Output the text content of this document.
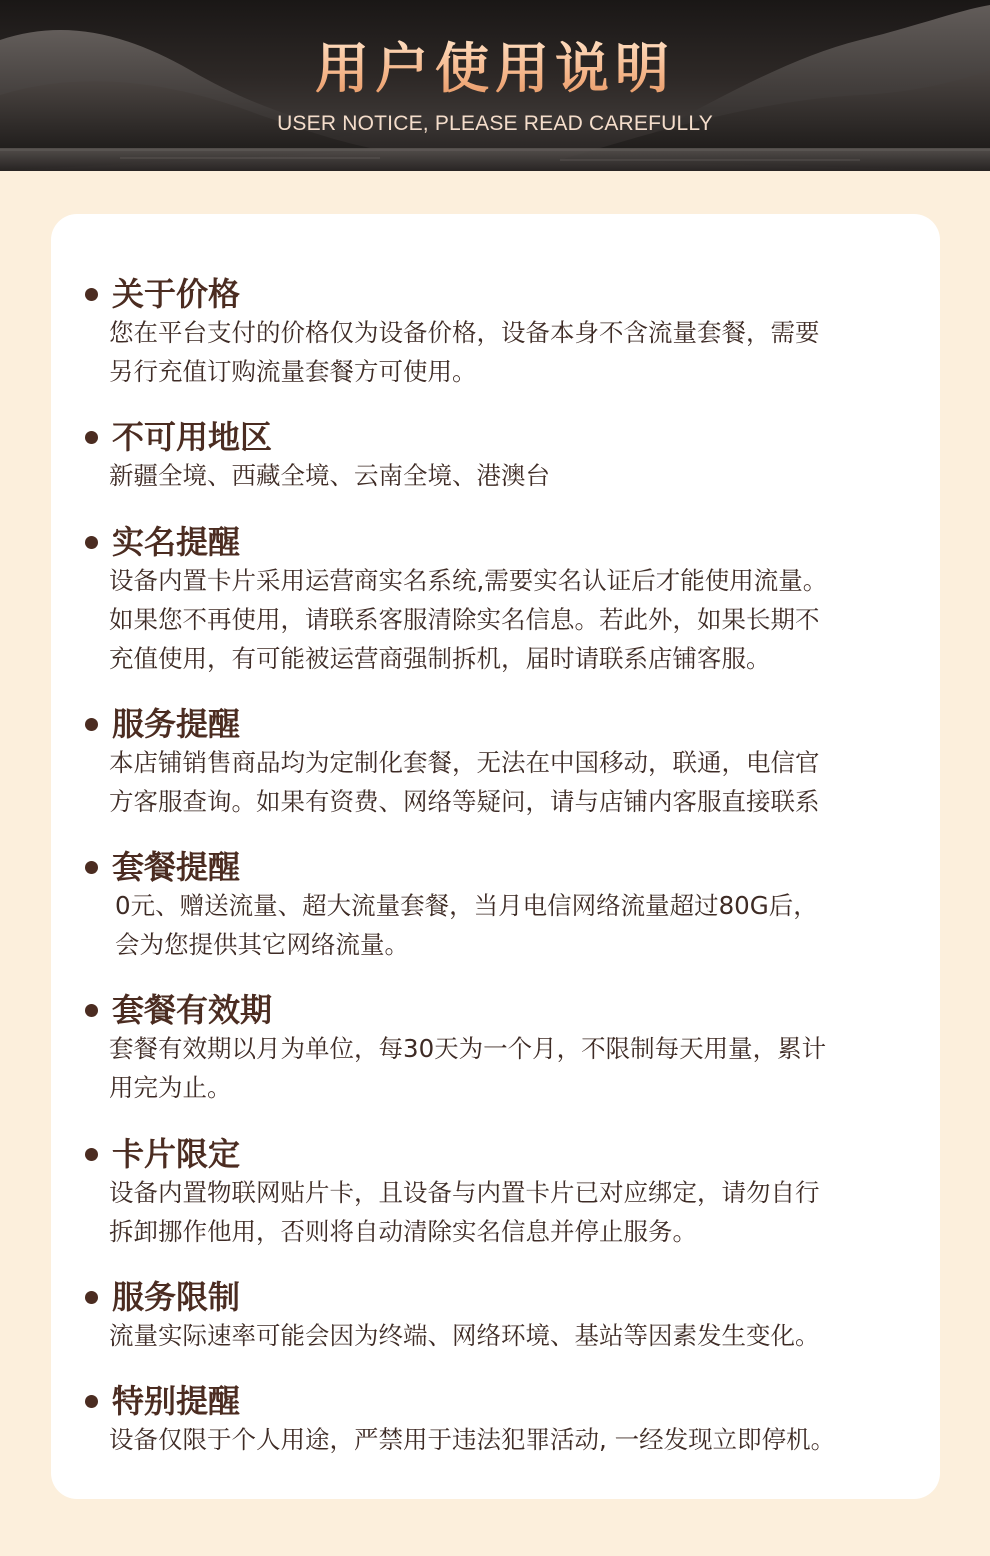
用户使用说明
USER NOTICE, PLEASE READ CAREFULLY
关于价格
您在平台支付的价格仅为设备价格，设备本身不含流量套餐，需要
另行充值订购流量套餐方可使用。
不可用地区
新疆全境、西藏全境、云南全境、港澳台
实名提醒
设备内置卡片采用运营商实名系统,需要实名认证后才能使用流量。
如果您不再使用，请联系客服清除实名信息。若此外，如果长期不
充值使用，有可能被运营商强制拆机，届时请联系店铺客服。
服务提醒
本店铺销售商品均为定制化套餐，无法在中国移动，联通，电信官
方客服查询。如果有资费、网络等疑问，请与店铺内客服直接联系
套餐提醒
0元、赠送流量、超大流量套餐，当月电信网络流量超过80G后，
会为您提供其它网络流量。
套餐有效期
套餐有效期以月为单位，每30天为一个月，不限制每天用量，累计
用完为止。
卡片限定
设备内置物联网贴片卡，且设备与内置卡片已对应绑定，请勿自行
拆卸挪作他用，否则将自动清除实名信息并停止服务。
服务限制
流量实际速率可能会因为终端、网络环境、基站等因素发生变化。
特别提醒
设备仅限于个人用途，严禁用于违法犯罪活动, 一经发现立即停机。
